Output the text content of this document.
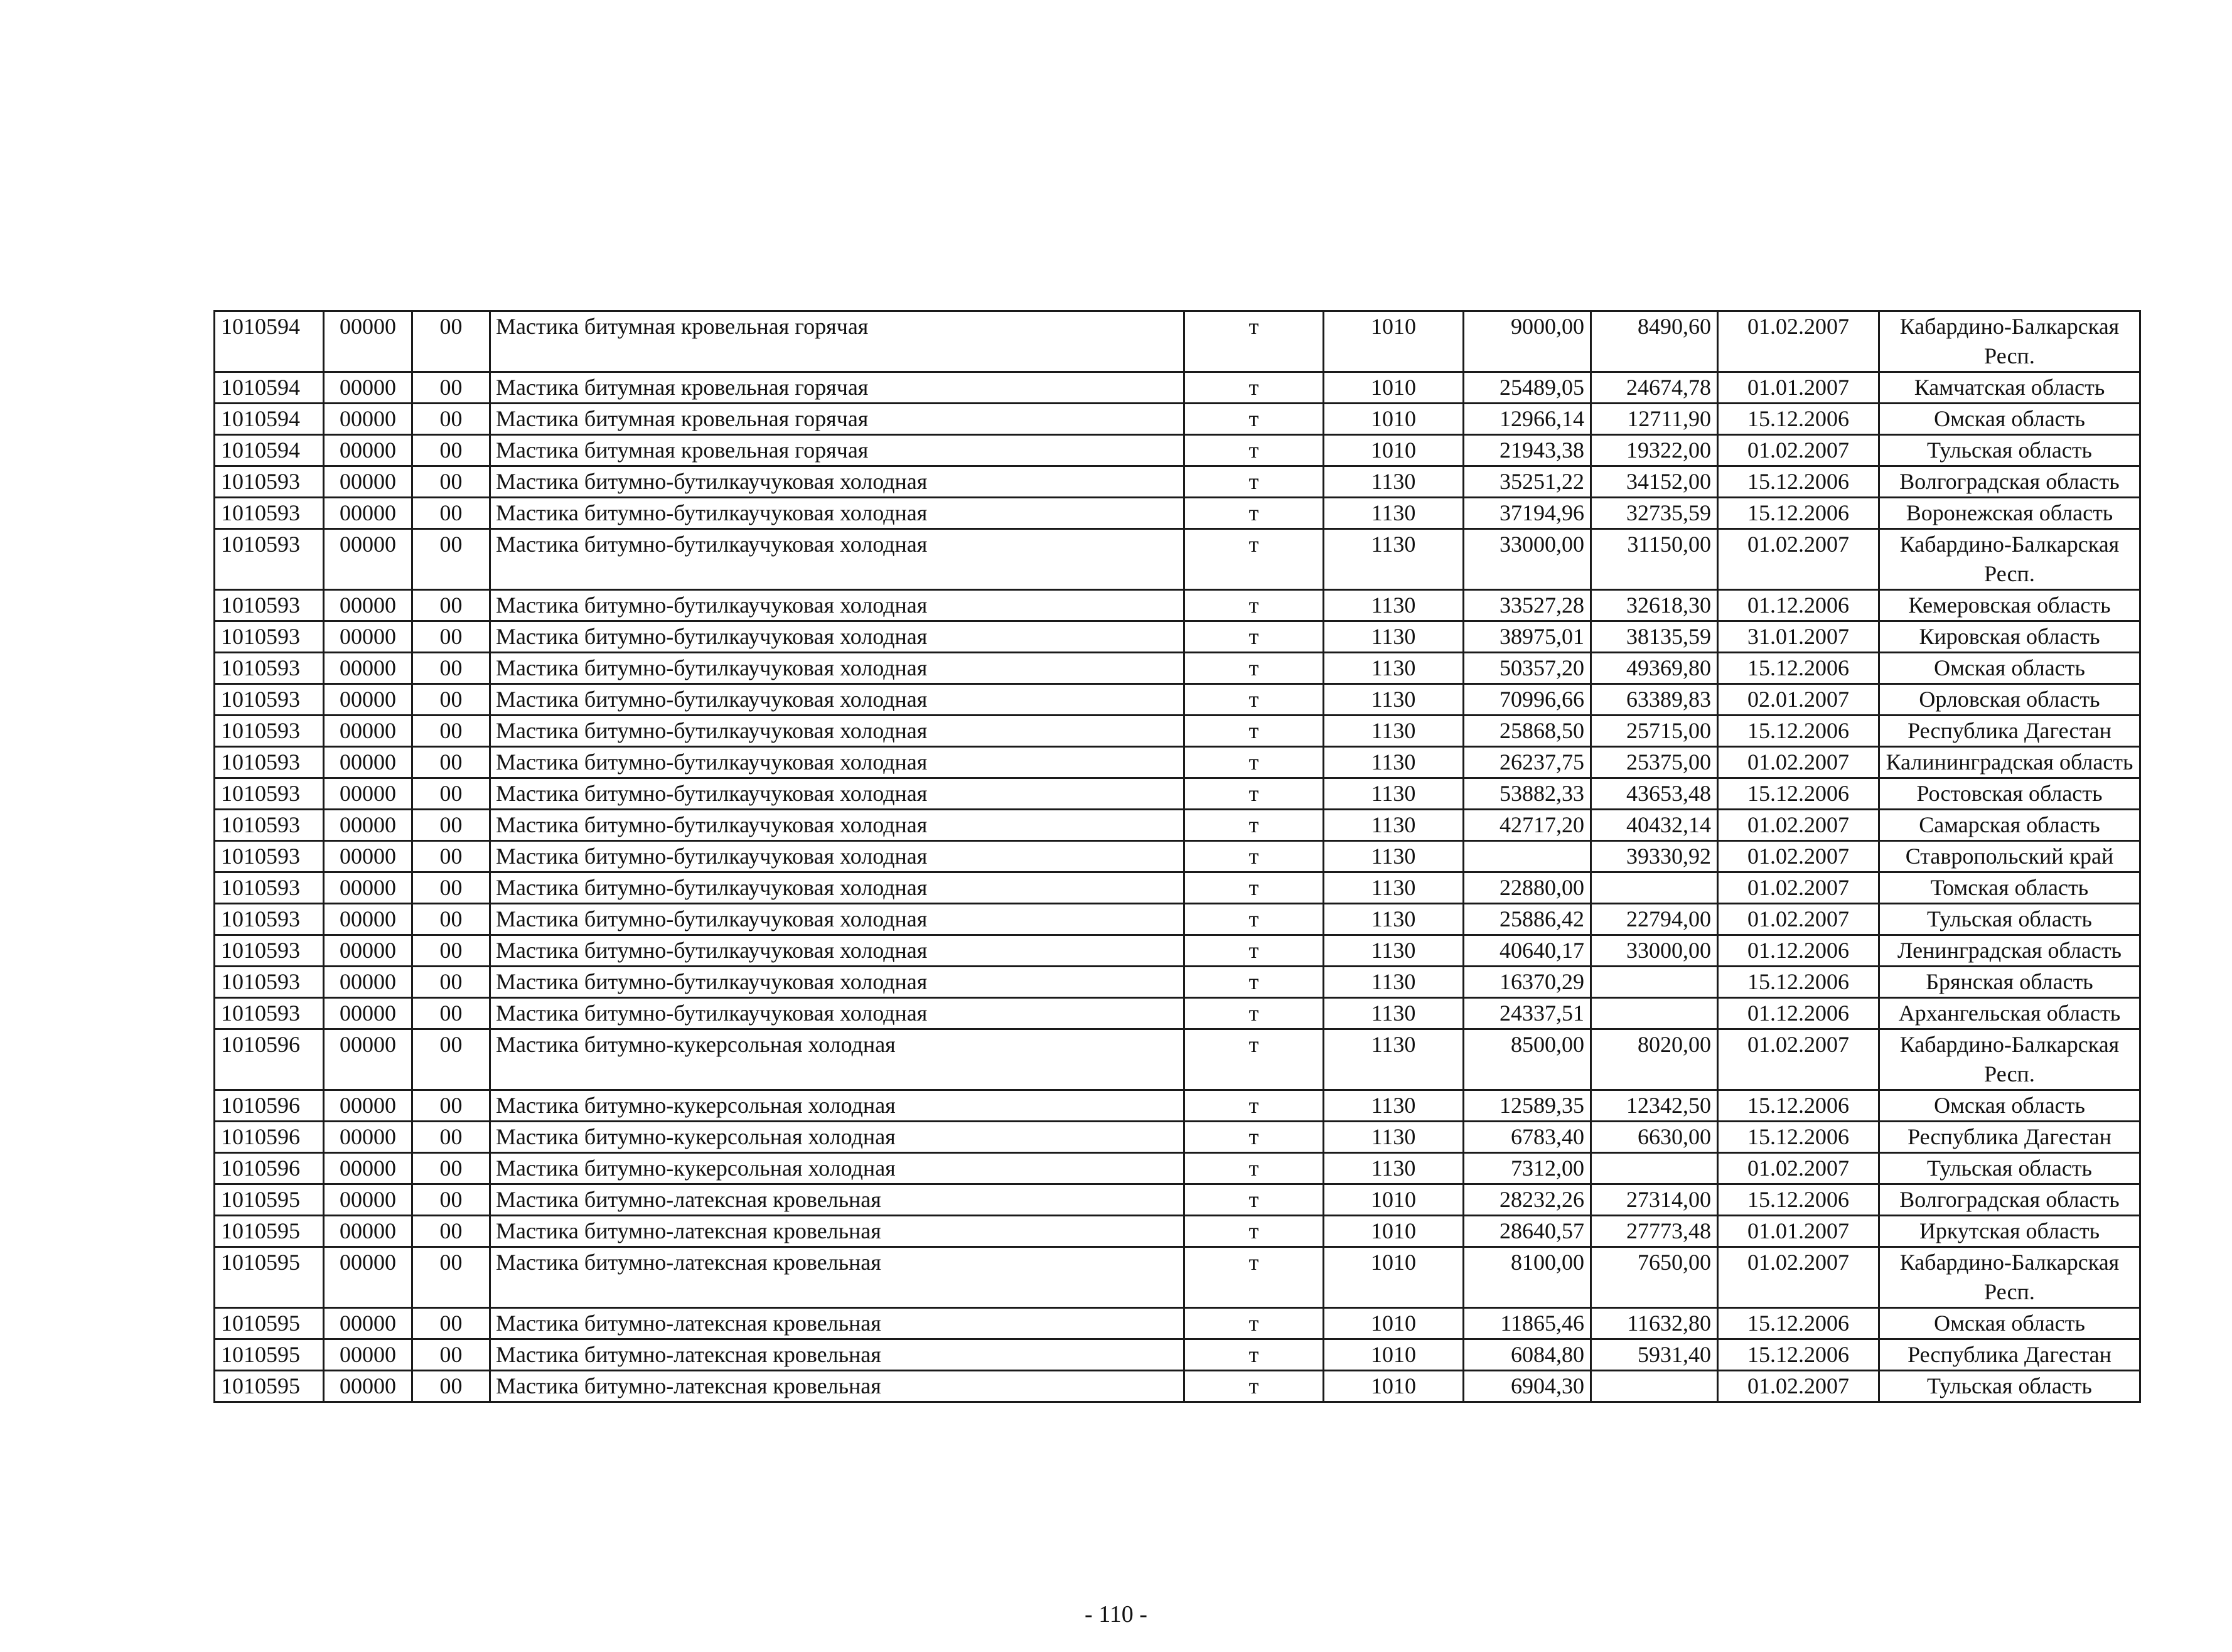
1010594	00000	00	Мастика битумная кровельная горячая	т	1010	9000,00	8490,60	01.02.2007	Кабардино-Балкарская Респ.
1010594	00000	00	Мастика битумная кровельная горячая	т	1010	25489,05	24674,78	01.01.2007	Камчатская область
1010594	00000	00	Мастика битумная кровельная горячая	т	1010	12966,14	12711,90	15.12.2006	Омская область
1010594	00000	00	Мастика битумная кровельная горячая	т	1010	21943,38	19322,00	01.02.2007	Тульская область
1010593	00000	00	Мастика битумно-бутилкаучуковая холодная	т	1130	35251,22	34152,00	15.12.2006	Волгоградская область
1010593	00000	00	Мастика битумно-бутилкаучуковая холодная	т	1130	37194,96	32735,59	15.12.2006	Воронежская область
1010593	00000	00	Мастика битумно-бутилкаучуковая холодная	т	1130	33000,00	31150,00	01.02.2007	Кабардино-Балкарская Респ.
1010593	00000	00	Мастика битумно-бутилкаучуковая холодная	т	1130	33527,28	32618,30	01.12.2006	Кемеровская область
1010593	00000	00	Мастика битумно-бутилкаучуковая холодная	т	1130	38975,01	38135,59	31.01.2007	Кировская область
1010593	00000	00	Мастика битумно-бутилкаучуковая холодная	т	1130	50357,20	49369,80	15.12.2006	Омская область
1010593	00000	00	Мастика битумно-бутилкаучуковая холодная	т	1130	70996,66	63389,83	02.01.2007	Орловская область
1010593	00000	00	Мастика битумно-бутилкаучуковая холодная	т	1130	25868,50	25715,00	15.12.2006	Республика Дагестан
1010593	00000	00	Мастика битумно-бутилкаучуковая холодная	т	1130	26237,75	25375,00	01.02.2007	Калининградская область
1010593	00000	00	Мастика битумно-бутилкаучуковая холодная	т	1130	53882,33	43653,48	15.12.2006	Ростовская область
1010593	00000	00	Мастика битумно-бутилкаучуковая холодная	т	1130	42717,20	40432,14	01.02.2007	Самарская область
1010593	00000	00	Мастика битумно-бутилкаучуковая холодная	т	1130		39330,92	01.02.2007	Ставропольский край
1010593	00000	00	Мастика битумно-бутилкаучуковая холодная	т	1130	22880,00		01.02.2007	Томская область
1010593	00000	00	Мастика битумно-бутилкаучуковая холодная	т	1130	25886,42	22794,00	01.02.2007	Тульская область
1010593	00000	00	Мастика битумно-бутилкаучуковая холодная	т	1130	40640,17	33000,00	01.12.2006	Ленинградская область
1010593	00000	00	Мастика битумно-бутилкаучуковая холодная	т	1130	16370,29		15.12.2006	Брянская область
1010593	00000	00	Мастика битумно-бутилкаучуковая холодная	т	1130	24337,51		01.12.2006	Архангельская область
1010596	00000	00	Мастика битумно-кукерсольная холодная	т	1130	8500,00	8020,00	01.02.2007	Кабардино-Балкарская Респ.
1010596	00000	00	Мастика битумно-кукерсольная холодная	т	1130	12589,35	12342,50	15.12.2006	Омская область
1010596	00000	00	Мастика битумно-кукерсольная холодная	т	1130	6783,40	6630,00	15.12.2006	Республика Дагестан
1010596	00000	00	Мастика битумно-кукерсольная холодная	т	1130	7312,00		01.02.2007	Тульская область
1010595	00000	00	Мастика битумно-латексная кровельная	т	1010	28232,26	27314,00	15.12.2006	Волгоградская область
1010595	00000	00	Мастика битумно-латексная кровельная	т	1010	28640,57	27773,48	01.01.2007	Иркутская область
1010595	00000	00	Мастика битумно-латексная кровельная	т	1010	8100,00	7650,00	01.02.2007	Кабардино-Балкарская Респ.
1010595	00000	00	Мастика битумно-латексная кровельная	т	1010	11865,46	11632,80	15.12.2006	Омская область
1010595	00000	00	Мастика битумно-латексная кровельная	т	1010	6084,80	5931,40	15.12.2006	Республика Дагестан
1010595	00000	00	Мастика битумно-латексная кровельная	т	1010	6904,30		01.02.2007	Тульская область
- 110 -
